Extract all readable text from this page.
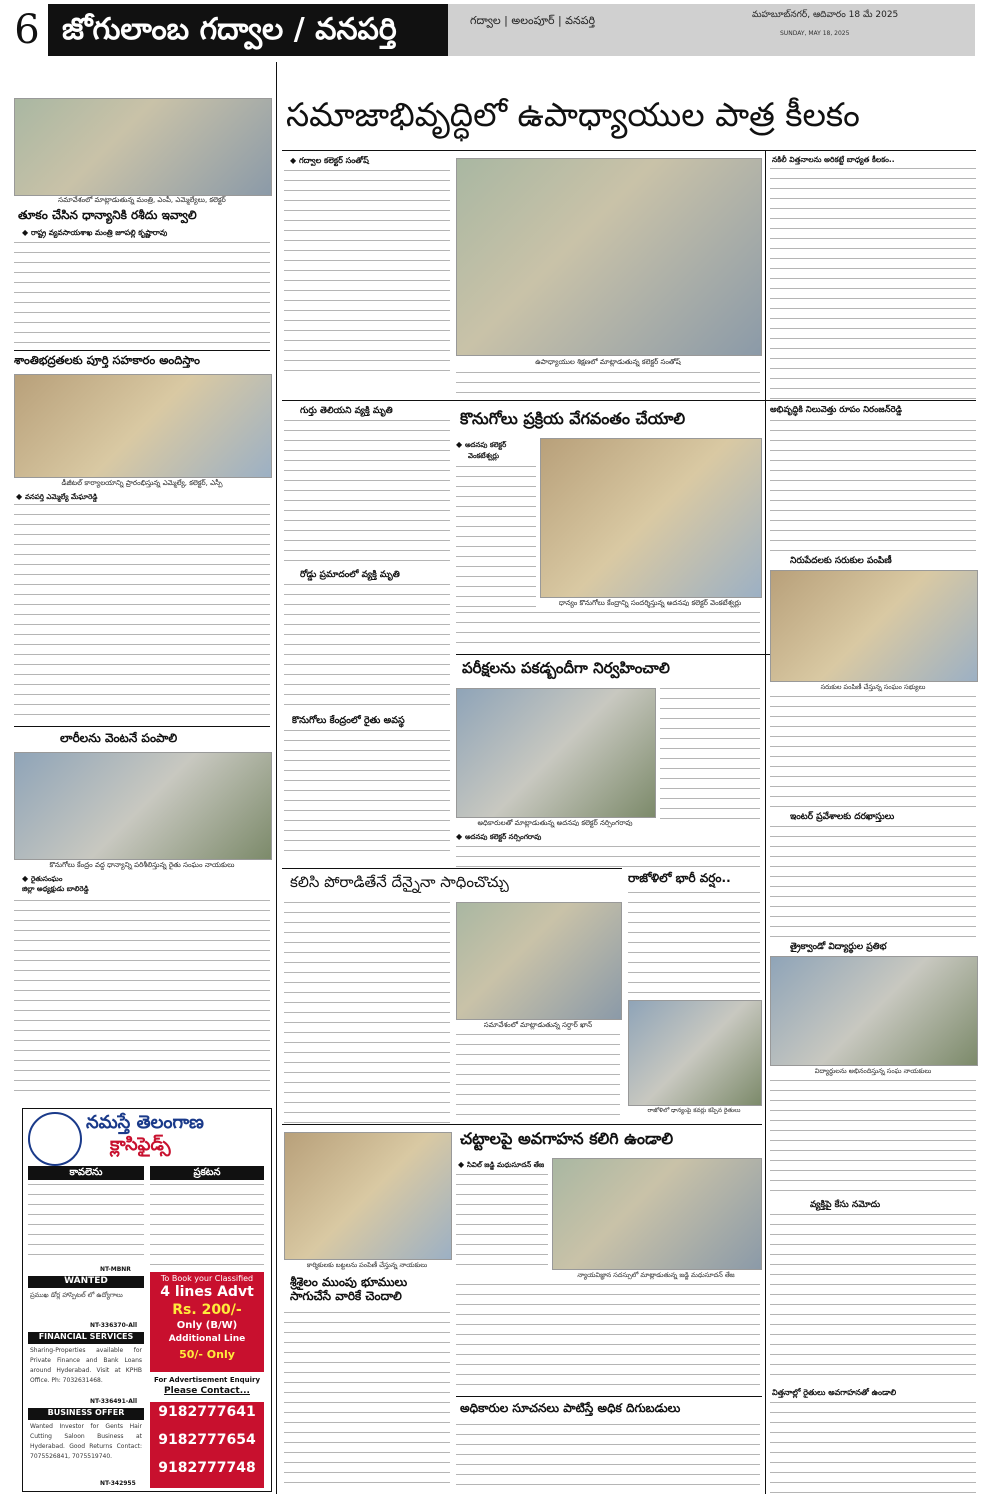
6 జోగులాంబ గద్వాల / వనపర్తి	గద్వాల | అలంపూర్ | వనపర్తి	మహబూబ్‌నగర్, ఆదివారం 18 మే 2025
SUNDAY, MAY 18, 2025
సమావేశంలో మాట్లాడుతున్న మంత్రి, ఎంపీ, ఎమ్మెల్యేలు, కలెక్టర్
తూకం చేసిన ధాన్యానికి రశీదు ఇవ్వాలి
◆ రాష్ట్ర వ్యవసాయశాఖ మంత్రి జూపల్లి కృష్ణారావు
శాంతిభద్రతలకు పూర్తి సహకారం అందిస్తాం
డీజీటల్ కార్యాలయాన్ని ప్రారంభిస్తున్న ఎమ్మెల్యే, కలెక్టర్, ఎస్పీ
◆ వనపర్తి ఎమ్మెల్యే మేఘారెడ్డి
లారీలను వెంటనే పంపాలి
కొనుగోలు కేంద్రం వద్ద ధాన్యాన్ని పరిశీలిస్తున్న రైతు సంఘం నాయకులు
◆ రైతుసంఘం
జిల్లా అధ్యక్షుడు బాలిరెడ్డి
నమస్తే తెలంగాణ
క్లాసిఫైడ్స్
కావలెను
NT-MBNR
WANTED
ప్రముఖ డోర్ల హాస్పిటల్ లో ఉద్యోగాలు
NT-336370-All
FINANCIAL SERVICES
Sharing-Properties available for Private Finance and Bank Loans around Hyderabad. Visit at KPHB Office. Ph: 7032631468.
NT-336491-All
BUSINESS OFFER
Wanted Investor for Gents Hair Cutting Saloon Business at Hyderabad. Good Returns Contact: 7075526841, 7075519740.
NT-342955
ప్రకటన
To Book your Classified
4 lines Advt
Rs. 200/-
Only (B/W)
Additional Line
50/- Only
For Advertisement Enquiry
Please Contact...
9182777641
9182777654
9182777748
సమాజాభివృద్ధిలో ఉపాధ్యాయుల పాత్ర కీలకం
◆ గద్వాల కలెక్టర్ సంతోష్
ఉపాధ్యాయుల శిక్షణలో మాట్లాడుతున్న కలెక్టర్ సంతోష్
నకిలీ విత్తనాలను అరికట్టే బాధ్యత కీలకం..
గుర్తు తెలియని వ్యక్తి మృతి
రోడ్డు ప్రమాదంలో వ్యక్తి మృతి
కొనుగోలు కేంద్రంలో రైతు అవస్థ
కొనుగోలు ప్రక్రియ వేగవంతం చేయాలి
◆ అదనపు కలెక్టర్
వెంకటేశ్వర్లు
ధాన్యం కొనుగోలు కేంద్రాన్ని సందర్శిస్తున్న అదనపు కలెక్టర్ వెంకటేశ్వర్లు
పరీక్షలను పకడ్బందీగా నిర్వహించాలి
అధికారులతో మాట్లాడుతున్న అదనపు కలెక్టర్ నర్సింగరావు
◆ అదనపు కలెక్టర్ నర్సింగరావు
కలిసి పోరాడితేనే దేన్నైనా సాధించొచ్చు
సమావేశంలో మాట్లాడుతున్న సర్దార్ ఖాన్
రాజోళిలో భారీ వర్షం..
రాజోళిలో ధాన్యంపై కవర్లు కప్పిన రైతులు
కార్మికులకు బట్టలను పంపిణీ చేస్తున్న నాయకులు
శ్రీశైలం ముంపు భూములు సాగుచేసే వారికే చెందాలి
చట్టాలపై అవగాహన కలిగి ఉండాలి
◆ సివిల్ జడ్జి మధుసూదన్ తేజ
న్యాయవిజ్ఞాన సదస్సులో మాట్లాడుతున్న జడ్జి మధుసూదన్ తేజ
అధికారుల సూచనలు పాటిస్తే అధిక దిగుబడులు
అభివృద్ధికి నిలువెత్తు రూపం నిరంజన్‌రెడ్డి
నిరుపేదలకు సరుకుల పంపిణీ
సరుకుల పంపిణీ చేస్తున్న సంఘం సభ్యులు
ఇంటర్ ప్రవేశాలకు దరఖాస్తులు
త్రైక్వాండో విద్యార్థుల ప్రతిభ
విద్యార్థులను అభినందిస్తున్న సంఘ నాయకులు
వ్యక్తిపై కేసు నమోదు
విత్తనాల్లో రైతులు అవగాహనతో ఉండాలి
